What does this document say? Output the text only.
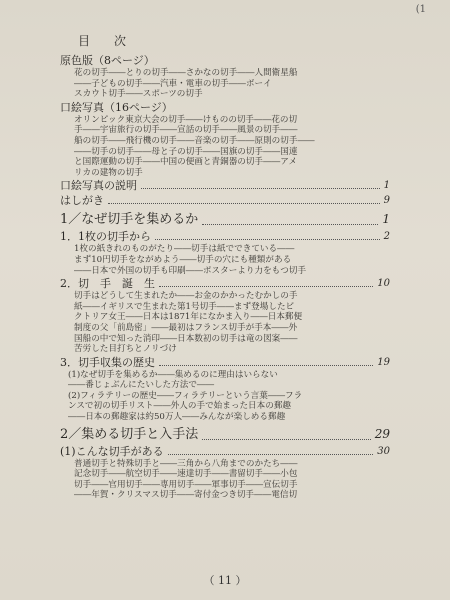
(1
目　次
原色版（8ページ）
花の切手――とりの切手――さかなの切手――人間衛星船
――子どもの切手――汽車・電車の切手――ボーイ
スカウト切手――スポーツの切手
口絵写真（16ページ）
オリンピック東京大会の切手――けものの切手――花の切
手――宇宙旅行の切手――宣話の切手――風景の切手――
船の切手――飛行機の切手――音楽の切手――原則の切手――
――切手の切手――母と子の切手――国旗の切手――国連
と国際運動の切手――中国の便画と青銅器の切手――アメ
リカの建物の切手
口絵写真の説明	1
はしがき	9
1／なぜ切手を集めるか	1
1．1枚の切手から	2
1枚の紙きれのものがたり――切手は紙でできている――
まず10円切手をながめよう――切手の穴にも種類がある
――日本で外国の切手も印刷――ポスターより力をもつ切手
2．切　手　誕　生	10
切手はどうして生まれたか――お金のかかったむかしの手
紙――イギリスで生まれた第1号切手――まず登場したビ
クトリア女王――日本は1871年になかま入り――日本郵便
制度の父「前島密」――最初はフランス切手が手本――外
国船の中で知った消印――日本数初の切手は竜の図案――
苦労した目打ちとノリづけ
3．切手収集の歴史	19
(1)なぜ切手を集めるか――集めるのに理由はいらない
――番じょぶんにたいした方法で――
(2)フィラテリーの歴史――フィラテリーという言葉――フラ
ンスで初の切手リスト――外人の手で始まった日本の郵趣
――日本の郵趣家は約50万人――みんなが楽しめる郵趣
2／集める切手と入手法	29
(1)こんな切手がある	30
普通切手と特殊切手と――三角から八角までのかたち――
記念切手――航空切手――速達切手――書留切手――小包
切手――官用切手――専用切手――軍事切手――宣伝切手
――年賀・クリスマス切手――寄付金つき切手――電信切
（ 11 ）
